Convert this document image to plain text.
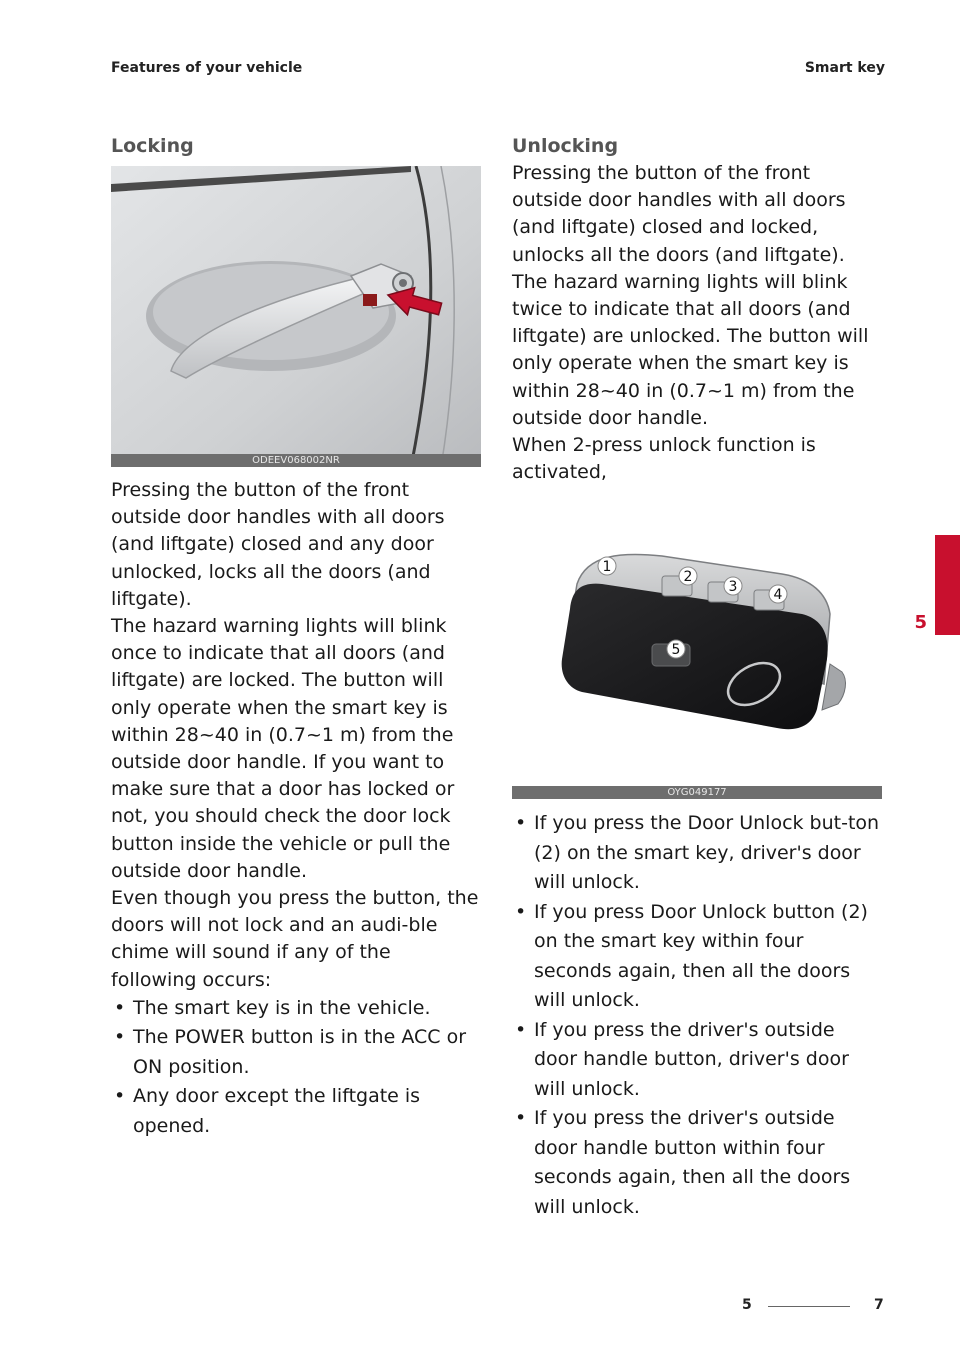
Features of your vehicle	Smart key
Locking
ODEEV068002NR

Pressing the button of the front outside door handles with all doors (and liftgate) closed and any door unlocked, locks all the doors (and liftgate).

The hazard warning lights will blink once to indicate that all doors (and liftgate) are locked. The button will only operate when the smart key is within 28~40 in (0.7~1 m) from the outside door handle. If you want to make sure that a door has locked or not, you should check the door lock button inside the vehicle or pull the outside door handle.

Even though you press the button, the doors will not lock and an audi-ble chime will sound if any of the following occurs:

• The smart key is in the vehicle.
• The POWER button is in the ACC or ON position.
• Any door except the liftgate is opened.
Unlocking

Pressing the button of the front outside door handles with all doors (and liftgate) closed and locked, unlocks all the doors (and liftgate). The hazard warning lights will blink twice to indicate that all doors (and liftgate) are unlocked. The button will only operate when the smart key is within 28~40 in (0.7~1 m) from the outside door handle.

When 2-press unlock function is activated,

1
2
3	4
5
OYG049177
• If you press the Door Unlock but-ton (2) on the smart key, driver's door will unlock.
• If you press Door Unlock button (2) on the smart key within four seconds again, then all the doors will unlock.
• If you press the driver's outside door handle button, driver's door will unlock.
• If you press the driver's outside door handle button within four seconds again, then all the doors will unlock.
5
5	7
